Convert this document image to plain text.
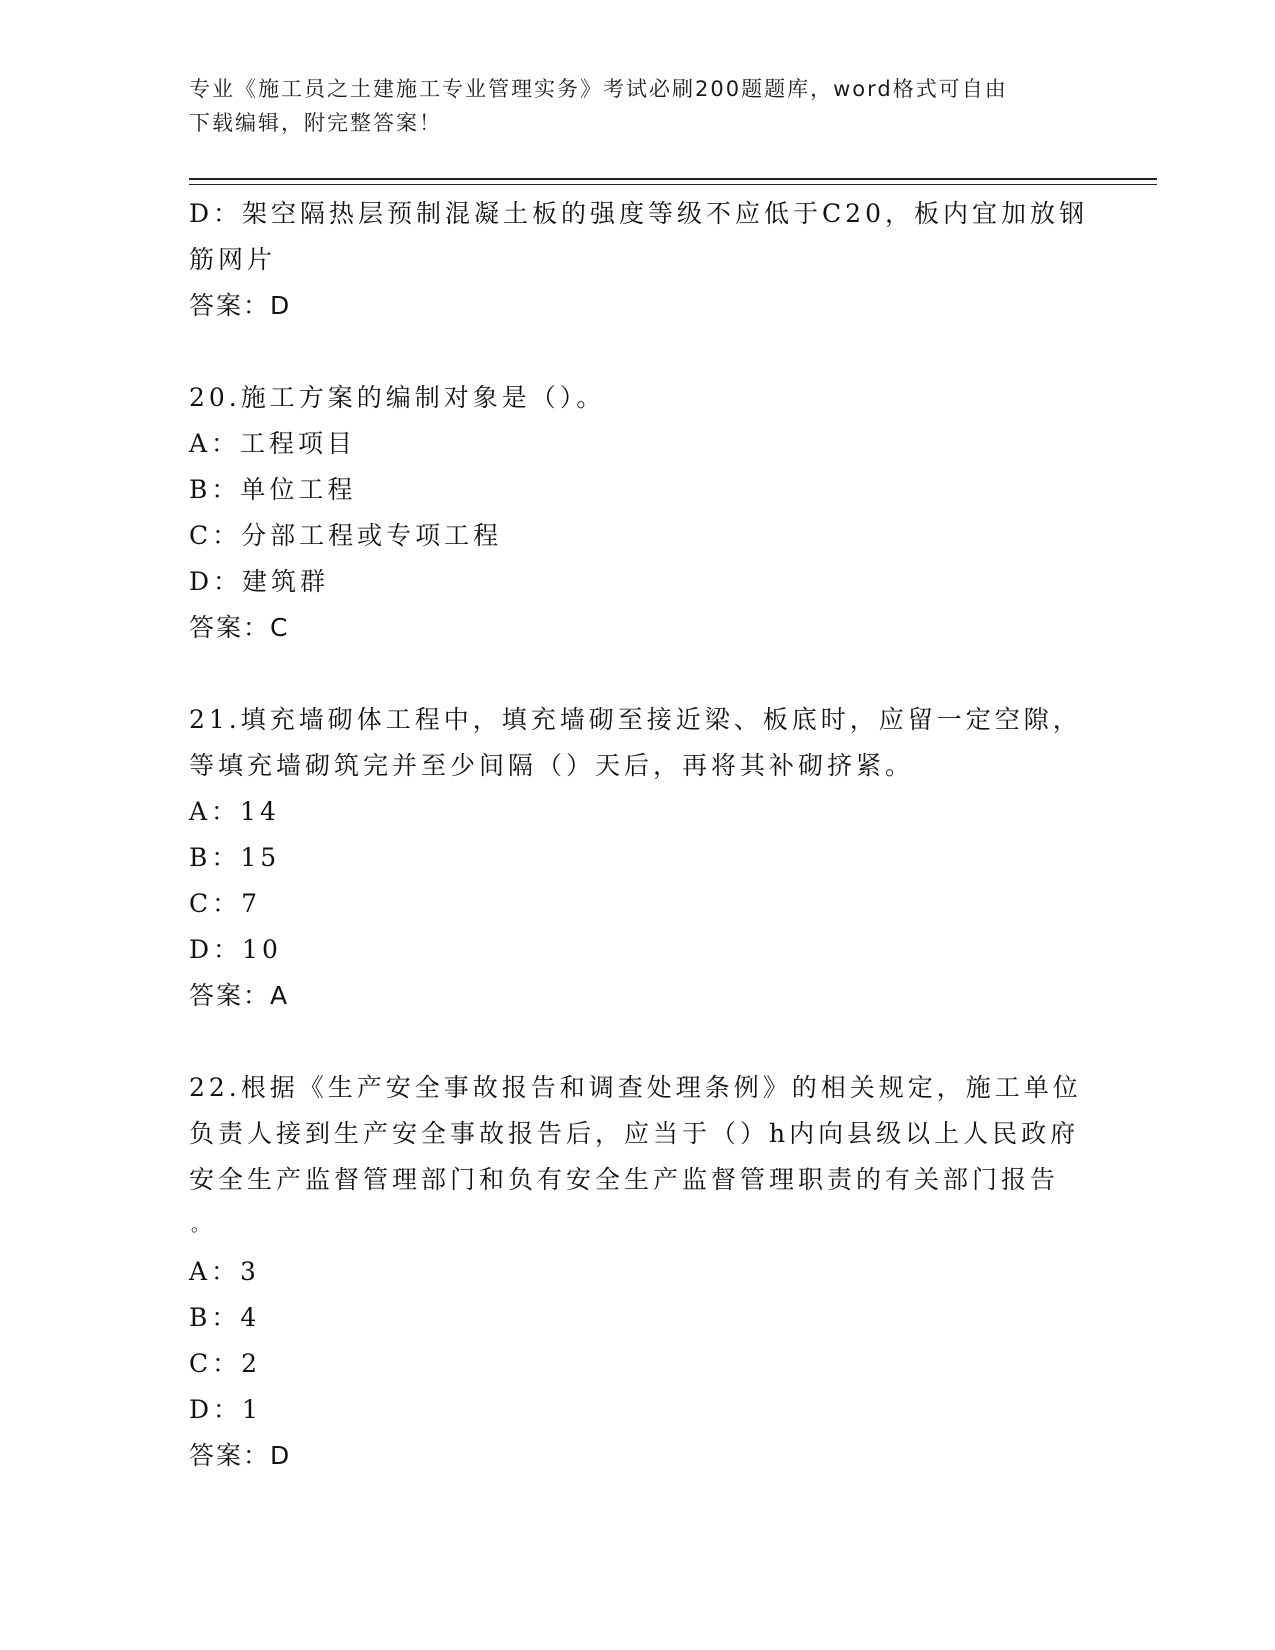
专业《施工员之土建施工专业管理实务》考试必刷200题题库，word格式可自由
下载编辑，附完整答案！
D：架空隔热层预制混凝土板的强度等级不应低于C20，板内宜加放钢
筋网片
答案：D
20.施工方案的编制对象是（）。
A：工程项目
B：单位工程
C：分部工程或专项工程
D：建筑群
答案：C
21.填充墙砌体工程中，填充墙砌至接近梁、板底时，应留一定空隙，
等填充墙砌筑完并至少间隔（）天后，再将其补砌挤紧。
A：14
B：15
C：7
D：10
答案：A
22.根据《生产安全事故报告和调查处理条例》的相关规定，施工单位
负责人接到生产安全事故报告后，应当于（）h内向县级以上人民政府
安全生产监督管理部门和负有安全生产监督管理职责的有关部门报告
。
A：3
B：4
C：2
D：1
答案：D
